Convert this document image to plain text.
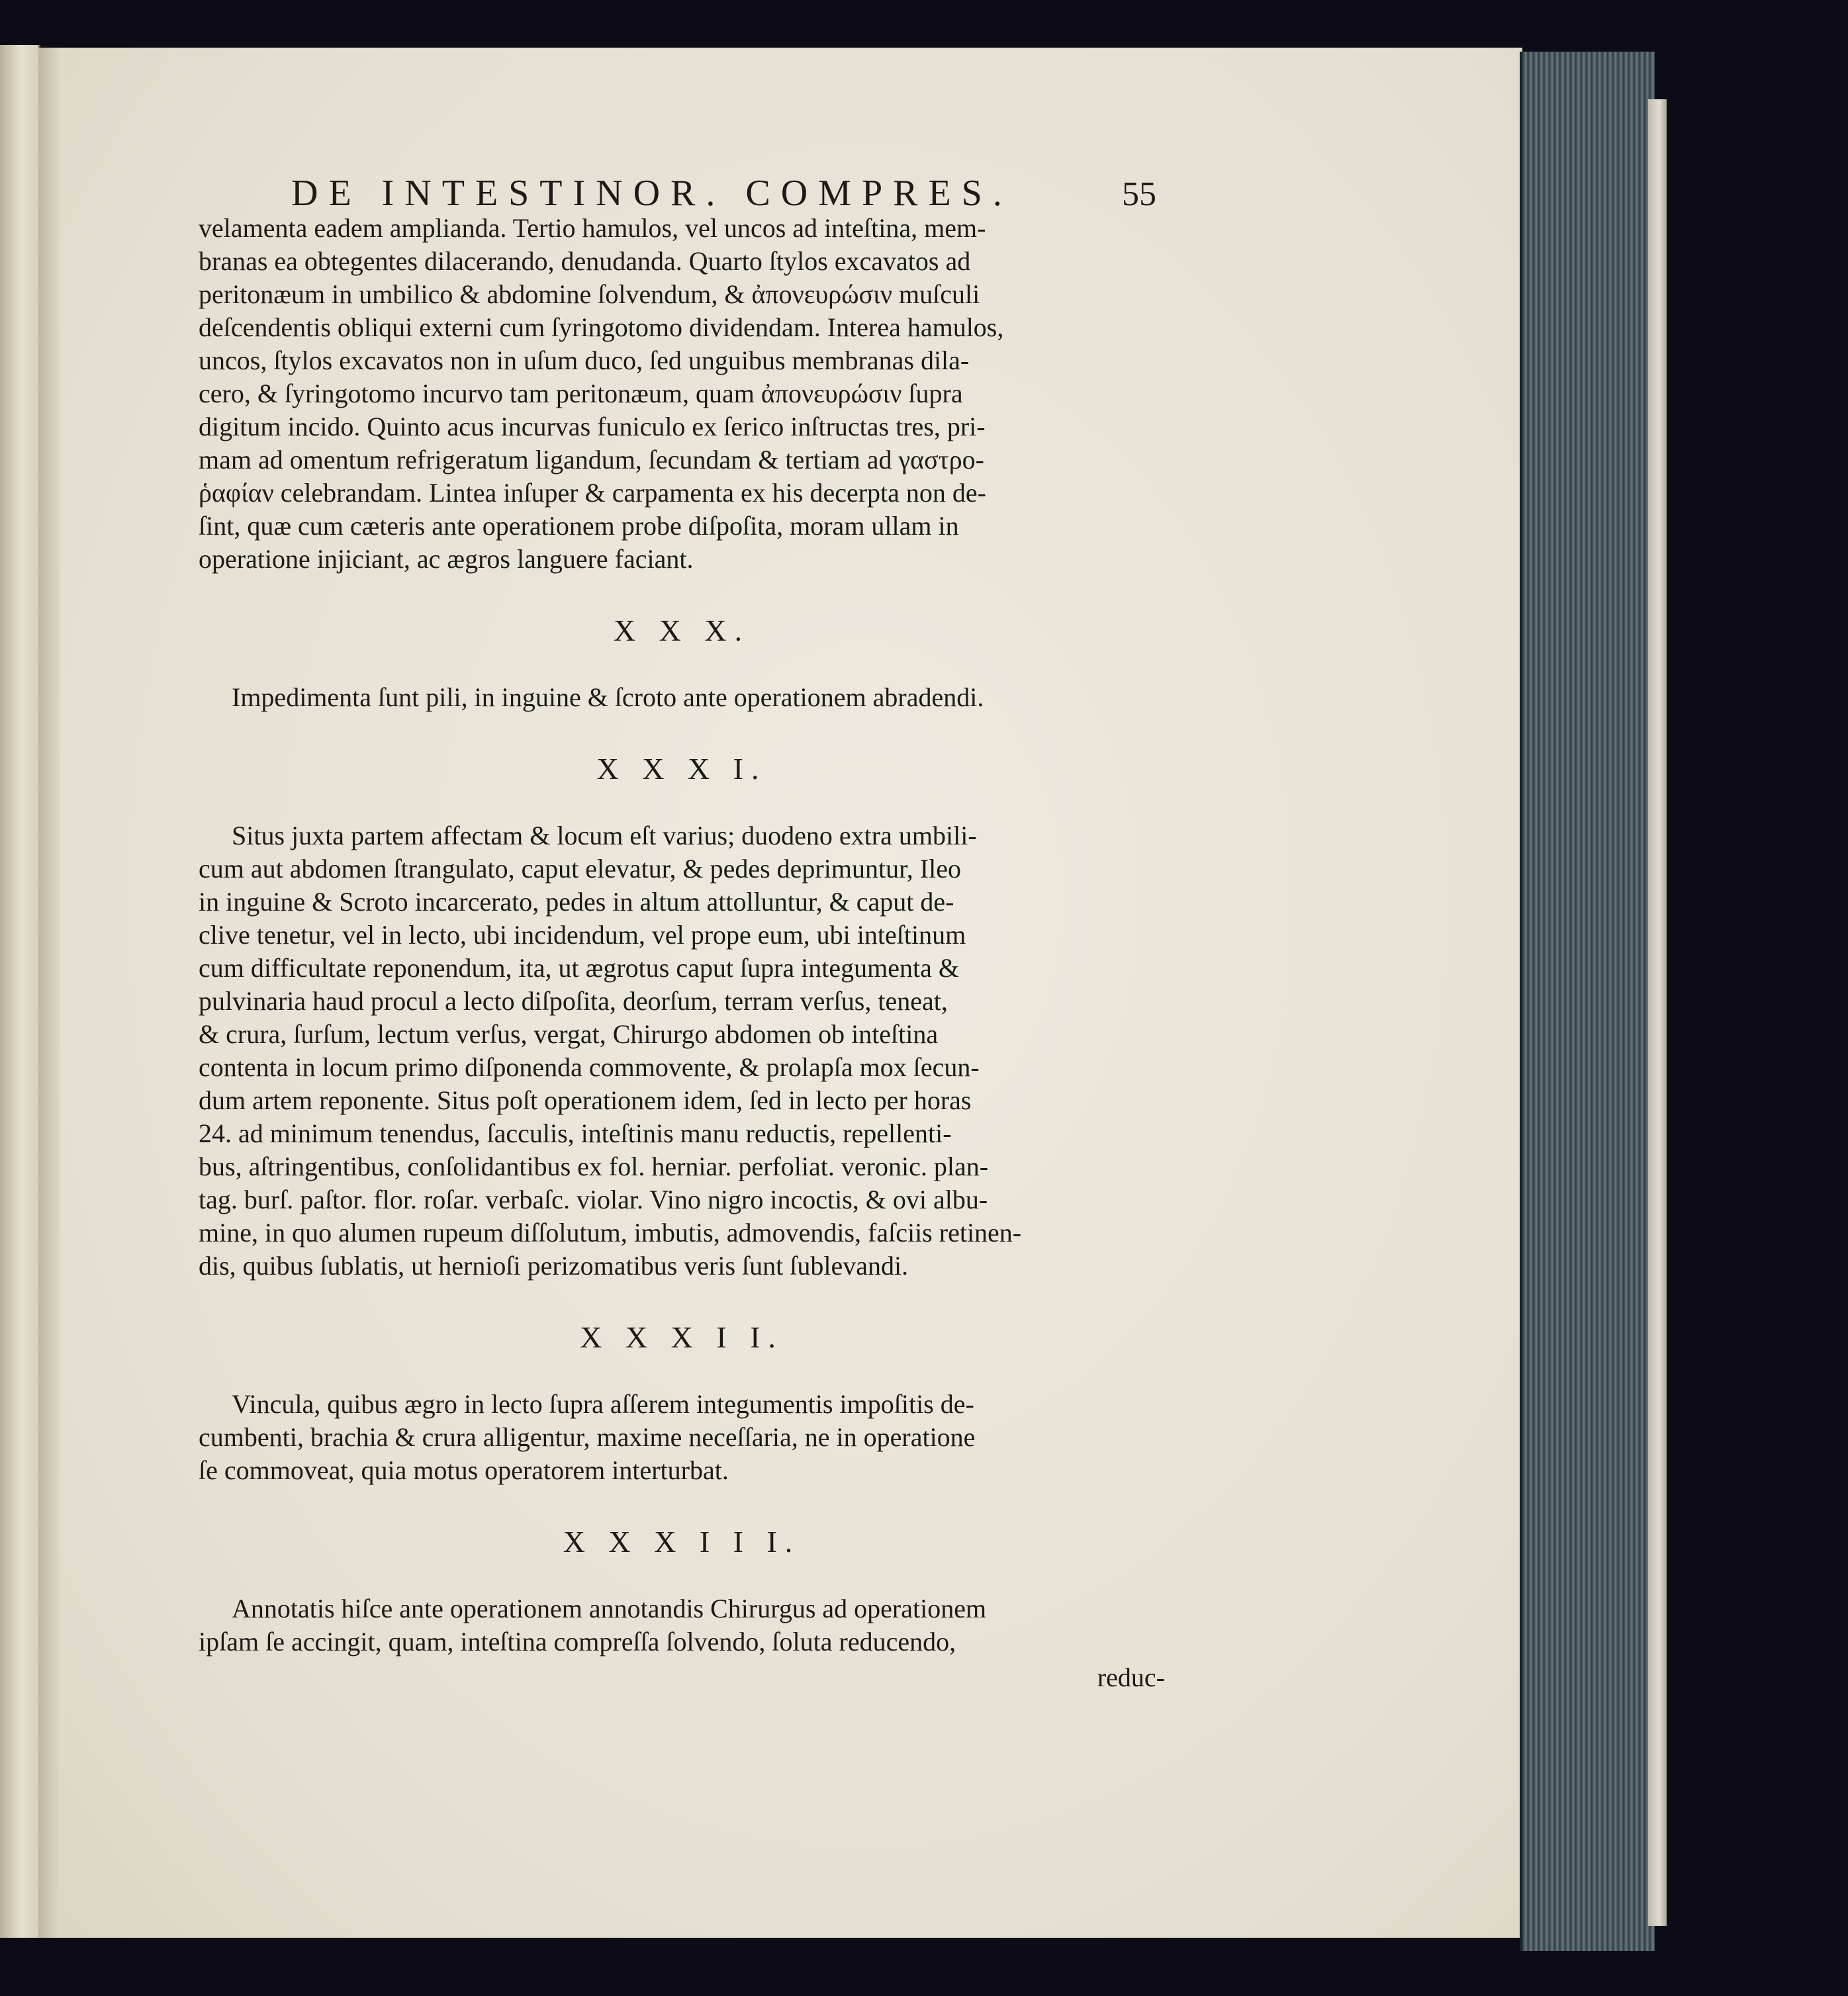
DE INTESTINOR. COMPRES.	55

velamenta eadem amplianda. Tertio hamulos, vel uncos ad inteſtina, mem-
branas ea obtegentes dilacerando, denudanda. Quarto ſtylos excavatos ad
peritonæum in umbilico & abdomine ſolvendum, & ἀπονευρώσιν muſculi
deſcendentis obliqui externi cum ſyringotomo dividendam. Interea hamulos,
uncos, ſtylos excavatos non in uſum duco, ſed unguibus membranas dila-
cero, & ſyringotomo incurvo tam peritonæum, quam ἀπονευρώσιν ſupra
digitum incido. Quinto acus incurvas funiculo ex ſerico inſtructas tres, pri-
mam ad omentum refrigeratum ligandum, ſecundam & tertiam ad γαστρο-
ῥαφίαν celebrandam. Lintea inſuper & carpamenta ex his decerpta non de-
ſint, quæ cum cæteris ante operationem probe diſpoſita, moram ullam in
operatione injiciant, ac ægros languere faciant.

X X X.

Impedimenta ſunt pili, in inguine & ſcroto ante operationem abradendi.

X X X I.

Situs juxta partem affectam & locum eſt varius; duodeno extra umbili-
cum aut abdomen ſtrangulato, caput elevatur, & pedes deprimuntur, Ileo
in inguine & Scroto incarcerato, pedes in altum attolluntur, & caput de-
clive tenetur, vel in lecto, ubi incidendum, vel prope eum, ubi inteſtinum
cum difficultate reponendum, ita, ut ægrotus caput ſupra integumenta &
pulvinaria haud procul a lecto diſpoſita, deorſum, terram verſus, teneat,
& crura, ſurſum, lectum verſus, vergat, Chirurgo abdomen ob inteſtina
contenta in locum primo diſponenda commovente, & prolapſa mox ſecun-
dum artem reponente. Situs poſt operationem idem, ſed in lecto per horas
24. ad minimum tenendus, ſacculis, inteſtinis manu reductis, repellenti-
bus, aſtringentibus, conſolidantibus ex fol. herniar. perfoliat. veronic. plan-
tag. burſ. paſtor. flor. roſar. verbaſc. violar. Vino nigro incoctis, & ovi albu-
mine, in quo alumen rupeum diſſolutum, imbutis, admovendis, faſciis retinen-
dis, quibus ſublatis, ut hernioſi perizomatibus veris ſunt ſublevandi.

X X X I I.

Vincula, quibus ægro in lecto ſupra aſſerem integumentis impoſitis de-
cumbenti, brachia & crura alligentur, maxime neceſſaria, ne in operatione
ſe commoveat, quia motus operatorem interturbat.

X X X I I I.

Annotatis hiſce ante operationem annotandis Chirurgus ad operationem
ipſam ſe accingit, quam, inteſtina compreſſa ſolvendo, ſoluta reducendo,

reduc-
